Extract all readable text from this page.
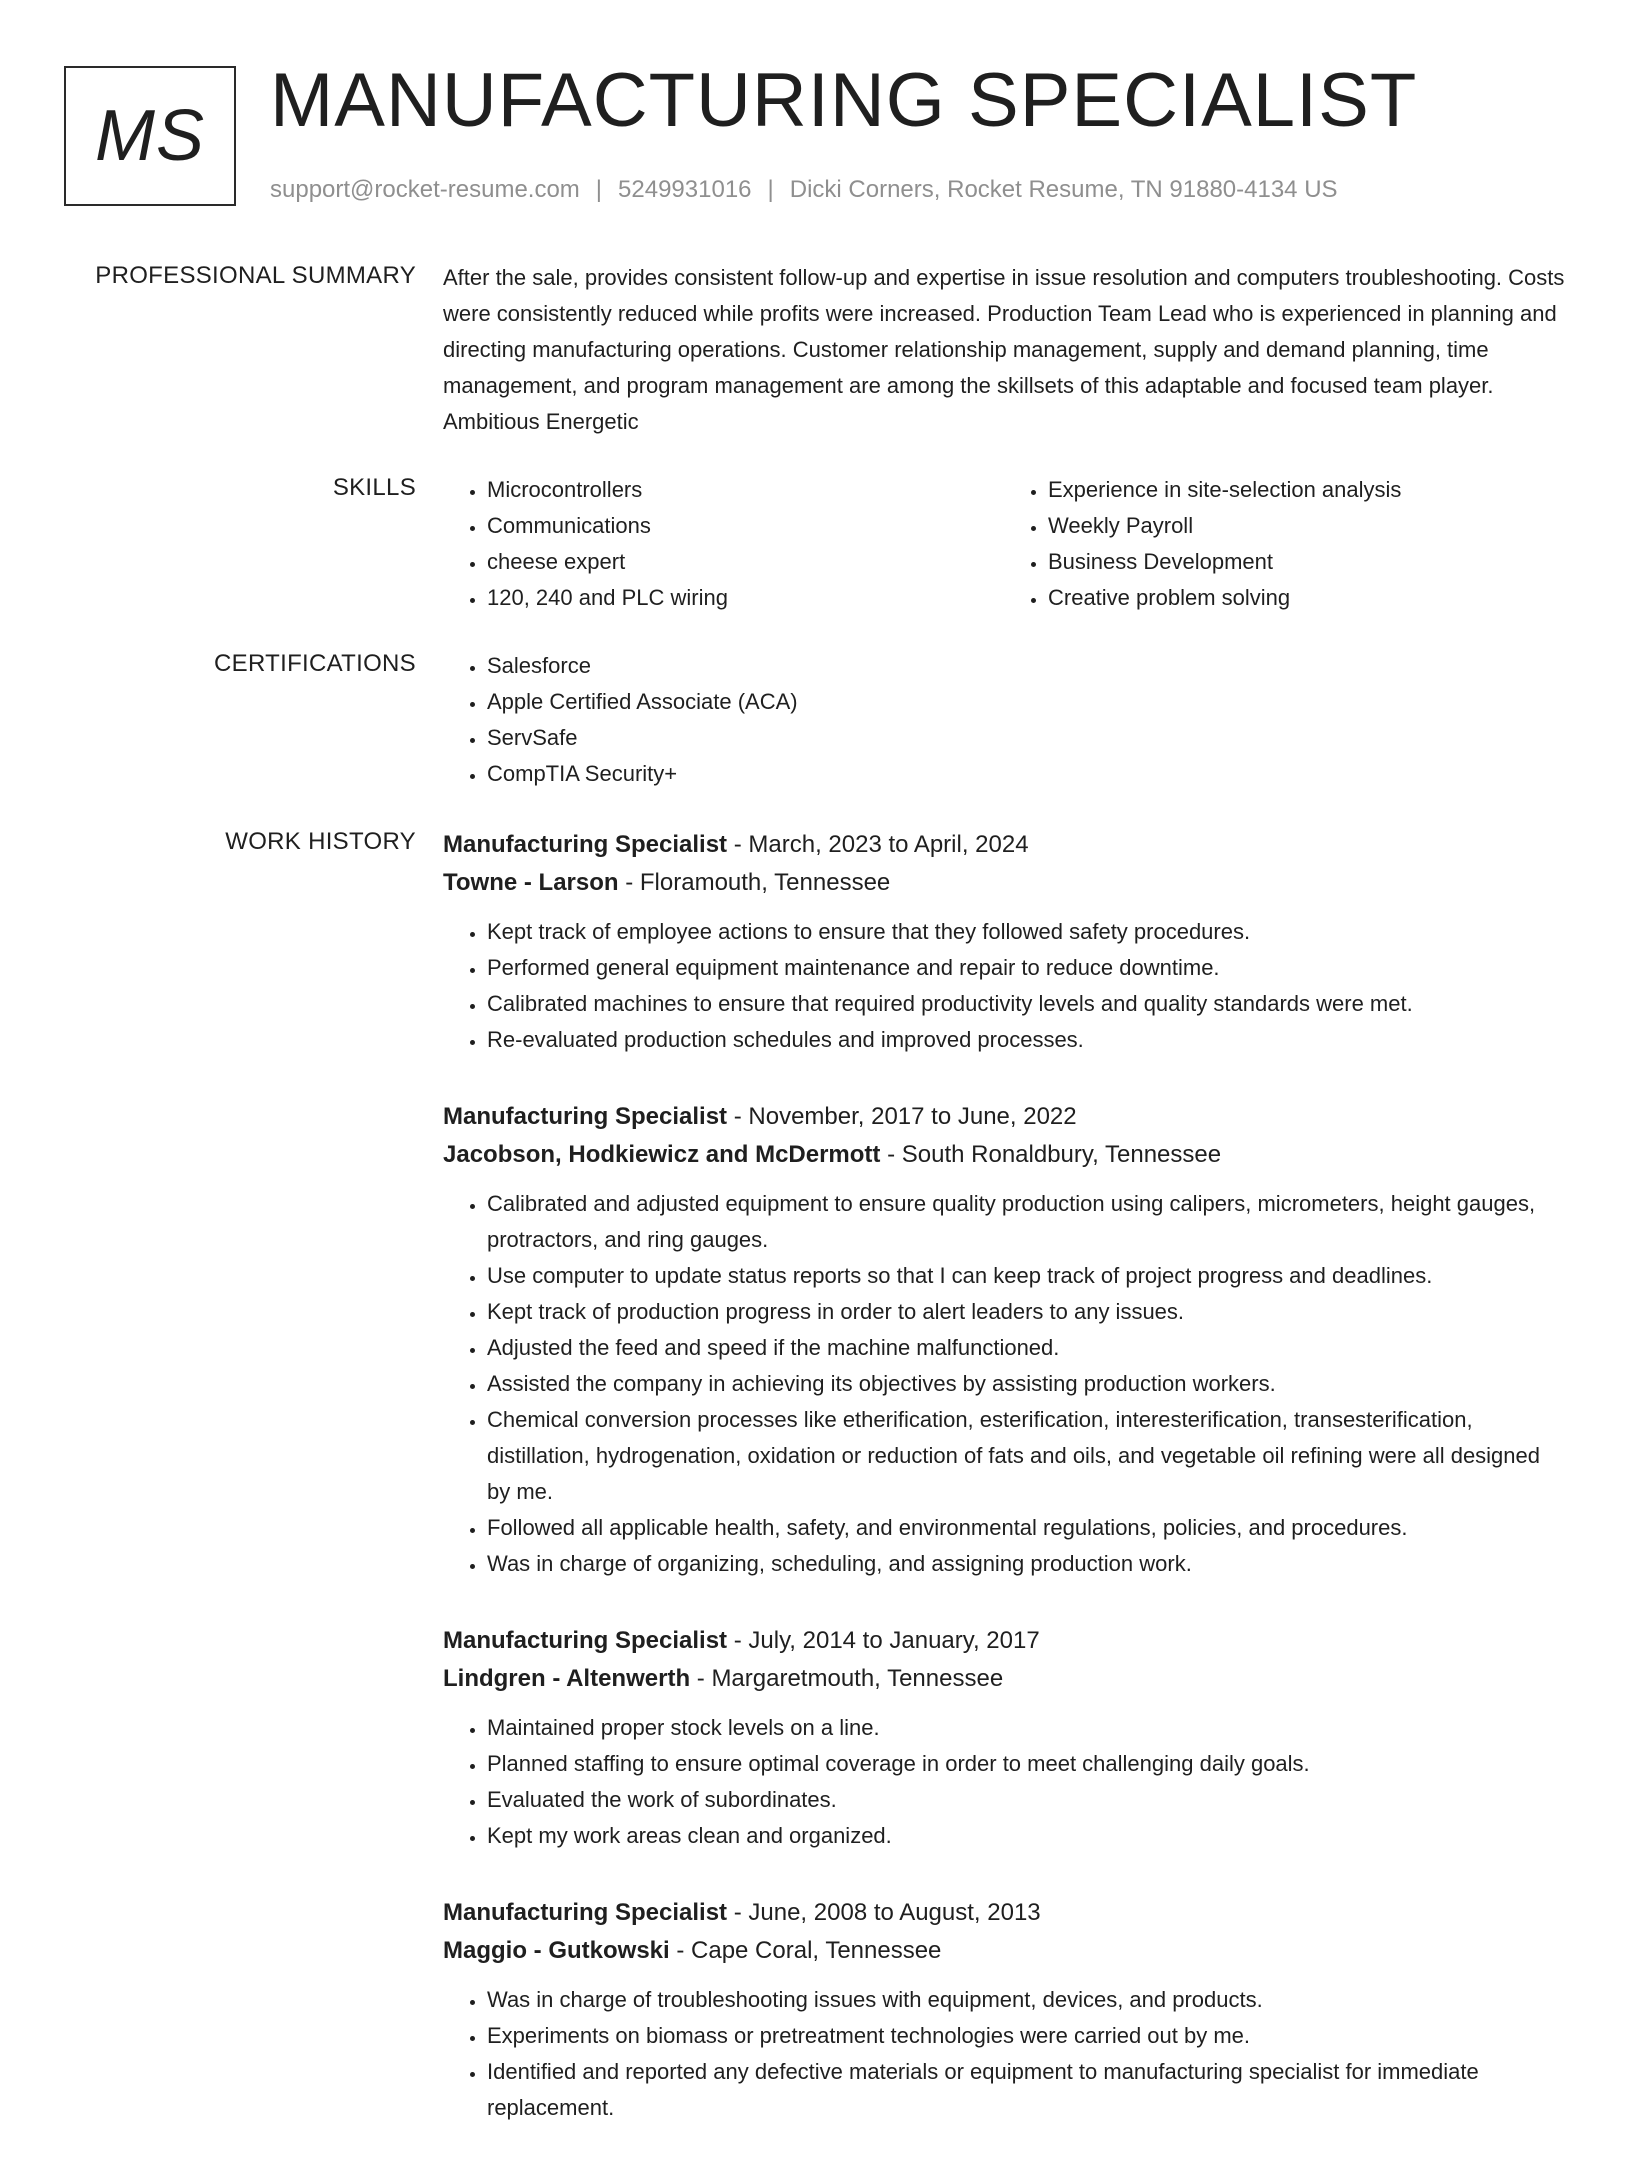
MS MANUFACTURING SPECIALIST
support@rocket-resume.com | 5249931016 | Dicki Corners, Rocket Resume, TN 91880-4134 US
PROFESSIONAL SUMMARY After the sale, provides consistent follow-up and expertise in issue resolution and computers troubleshooting. Costs were consistently reduced while profits were increased. Production Team Lead who is experienced in planning and directing manufacturing operations. Customer relationship management, supply and demand planning, time management, and program management are among the skillsets of this adaptable and focused team player. Ambitious Energetic
SKILLS	• Microcontrollers
• Communications
• cheese expert
• 120, 240 and PLC wiring
• Experience in site-selection analysis
• Weekly Payroll
• Business Development
• Creative problem solving
CERTIFICATIONS	• Salesforce
• Apple Certified Associate (ACA)
• ServSafe
• CompTIA Security+
WORK HISTORY Manufacturing Specialist - March, 2023 to April, 2024
Towne - Larson - Floramouth, Tennessee
• Kept track of employee actions to ensure that they followed safety procedures.
• Performed general equipment maintenance and repair to reduce downtime.
• Calibrated machines to ensure that required productivity levels and quality standards were met.
• Re-evaluated production schedules and improved processes.
Manufacturing Specialist - November, 2017 to June, 2022
Jacobson, Hodkiewicz and McDermott - South Ronaldbury, Tennessee
• Calibrated and adjusted equipment to ensure quality production using calipers, micrometers, height gauges, protractors, and ring gauges.
• Use computer to update status reports so that I can keep track of project progress and deadlines.
• Kept track of production progress in order to alert leaders to any issues.
• Adjusted the feed and speed if the machine malfunctioned.
• Assisted the company in achieving its objectives by assisting production workers.
• Chemical conversion processes like etherification, esterification, interesterification, transesterification, distillation, hydrogenation, oxidation or reduction of fats and oils, and vegetable oil refining were all designed by me.
• Followed all applicable health, safety, and environmental regulations, policies, and procedures.
• Was in charge of organizing, scheduling, and assigning production work.
Manufacturing Specialist - July, 2014 to January, 2017
Lindgren - Altenwerth - Margaretmouth, Tennessee
• Maintained proper stock levels on a line.
• Planned staffing to ensure optimal coverage in order to meet challenging daily goals.
• Evaluated the work of subordinates.
• Kept my work areas clean and organized.
Manufacturing Specialist - June, 2008 to August, 2013
Maggio - Gutkowski - Cape Coral, Tennessee
• Was in charge of troubleshooting issues with equipment, devices, and products.
• Experiments on biomass or pretreatment technologies were carried out by me.
• Identified and reported any defective materials or equipment to manufacturing specialist for immediate replacement.
